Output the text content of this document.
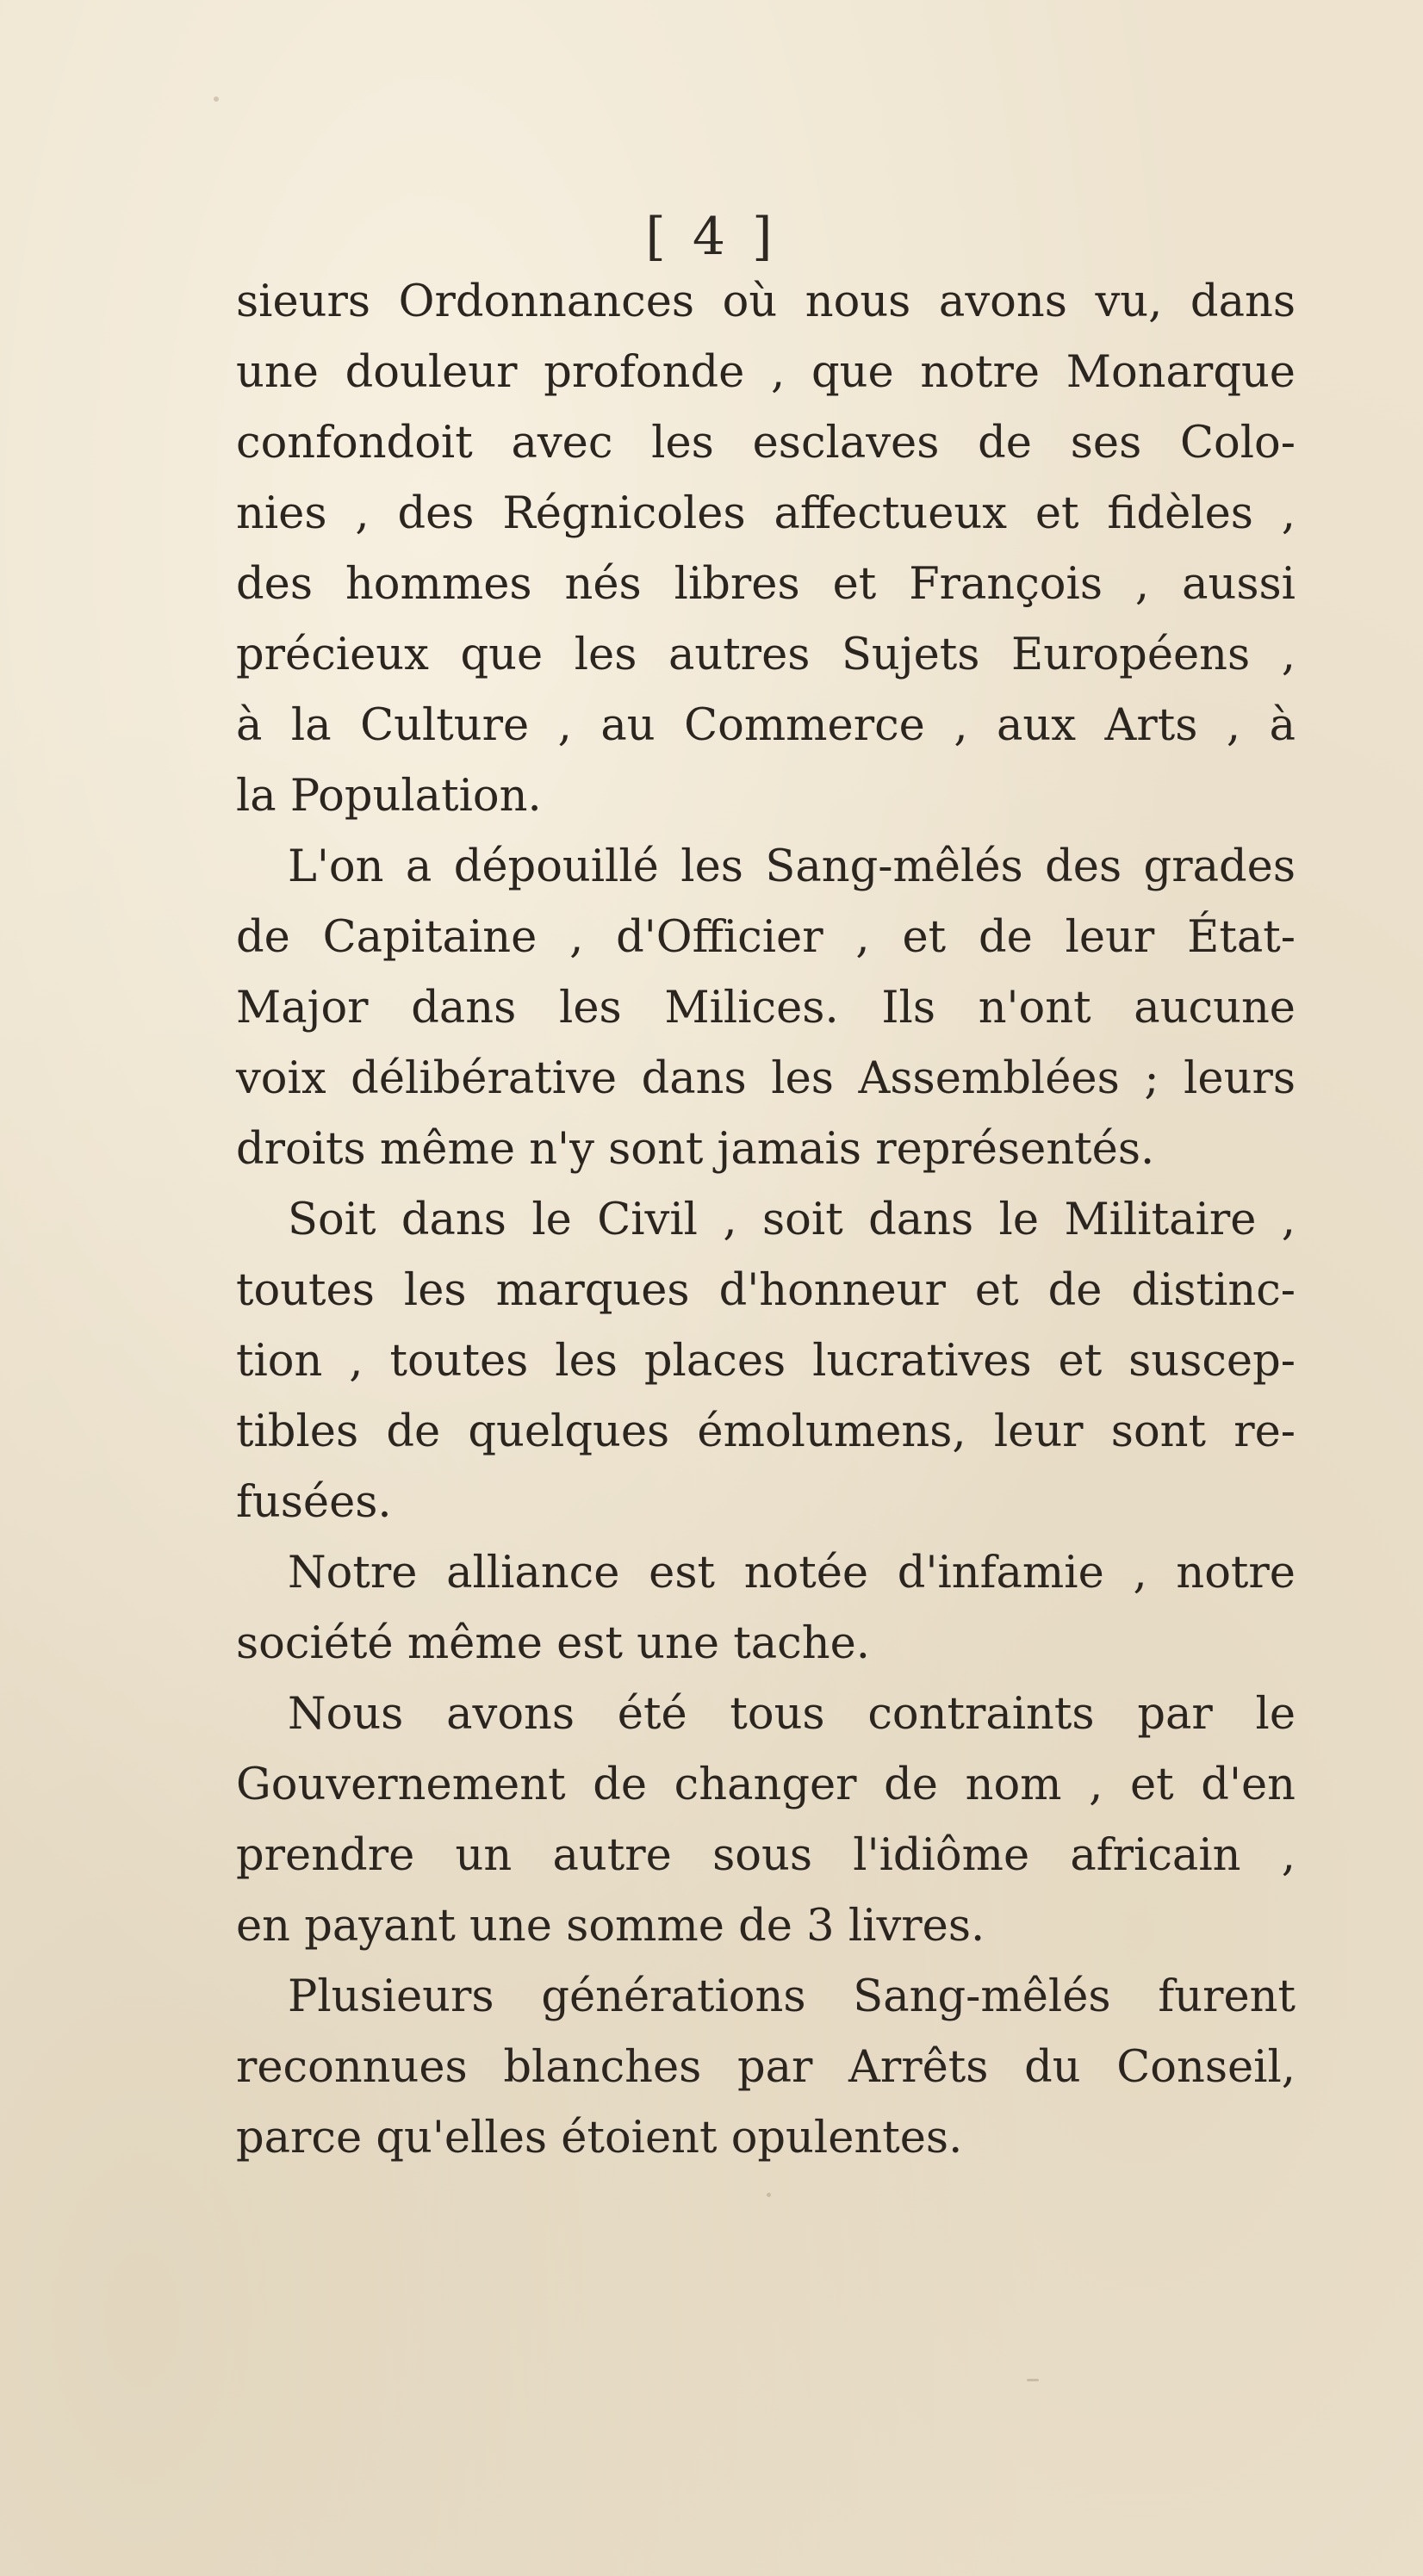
[ 4 ]
sieurs Ordonnances où nous avons vu, dans
une douleur profonde , que notre Monarque
confondoit avec les esclaves de ses Colo-
nies , des Régnicoles affectueux et fidèles ,
des hommes nés libres et François , aussi
précieux que les autres Sujets Européens ,
à la Culture , au Commerce , aux Arts , à
la Population.
L'on a dépouillé les Sang-mêlés des grades
de Capitaine , d'Officier , et de leur État-
Major dans les Milices. Ils n'ont aucune
voix délibérative dans les Assemblées ; leurs
droits même n'y sont jamais représentés.
Soit dans le Civil , soit dans le Militaire ,
toutes les marques d'honneur et de distinc-
tion , toutes les places lucratives et suscep-
tibles de quelques émolumens, leur sont re-
fusées.
Notre alliance est notée d'infamie , notre
société même est une tache.
Nous avons été tous contraints par le
Gouvernement de changer de nom , et d'en
prendre un autre sous l'idiôme africain ,
en payant une somme de 3 livres.
Plusieurs générations Sang-mêlés furent
reconnues blanches par Arrêts du Conseil,
parce qu'elles étoient opulentes.
